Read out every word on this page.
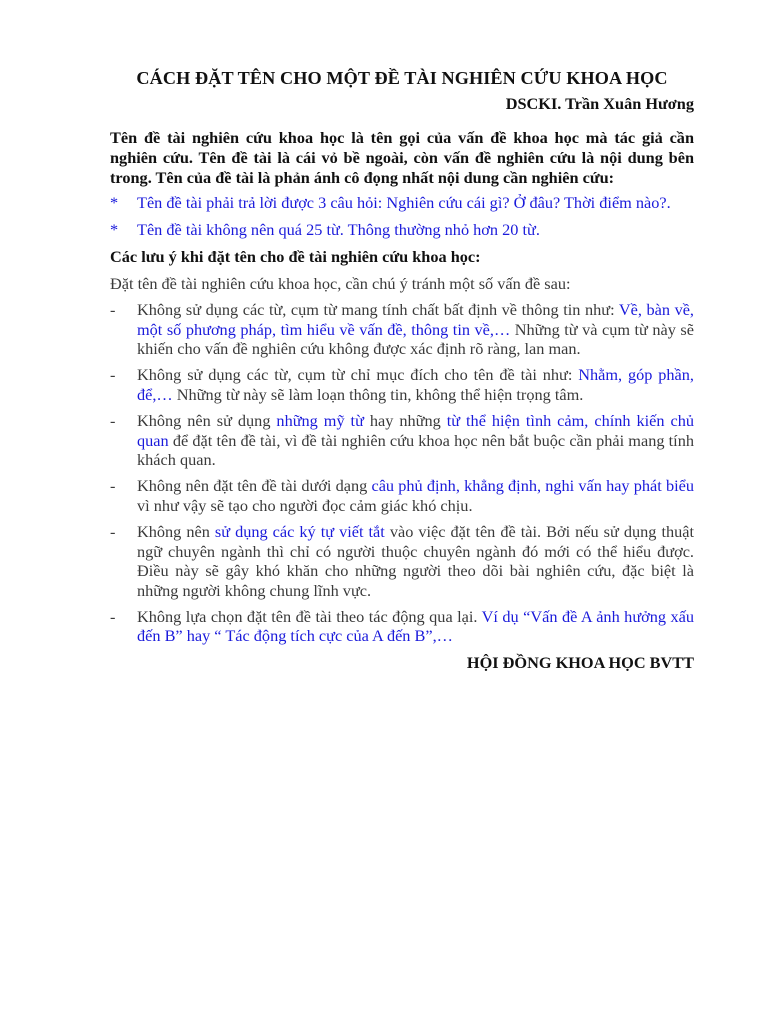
CÁCH ĐẶT TÊN CHO MỘT ĐỀ TÀI NGHIÊN CỨU KHOA HỌC

DSCKI. Trần Xuân Hương

Tên đề tài nghiên cứu khoa học là tên gọi của vấn đề khoa học mà tác giả cần nghiên cứu. Tên đề tài là cái vỏ bề ngoài, còn vấn đề nghiên cứu là nội dung bên trong. Tên của đề tài là phản ánh cô đọng nhất nội dung cần nghiên cứu:

*	Tên đề tài phải trả lời được 3 câu hỏi: Nghiên cứu cái gì? Ở đâu? Thời điểm nào?.
*	Tên đề tài không nên quá 25 từ. Thông thường nhỏ hơn 20 từ.

Các lưu ý khi đặt tên cho đề tài nghiên cứu khoa học:

Đặt tên đề tài nghiên cứu khoa học, cần chú ý tránh một số vấn đề sau:

-	Không sử dụng các từ, cụm từ mang tính chất bất định về thông tin như: Về, bàn về, một số phương pháp, tìm hiểu về vấn đề, thông tin về,… Những từ và cụm từ này sẽ khiến cho vấn đề nghiên cứu không được xác định rõ ràng, lan man.
-	Không sử dụng các từ, cụm từ chỉ mục đích cho tên đề tài như: Nhằm, góp phần, để,… Những từ này sẽ làm loạn thông tin, không thể hiện trọng tâm.
-	Không nên sử dụng những mỹ từ hay những từ thể hiện tình cảm, chính kiến chủ quan để đặt tên đề tài, vì đề tài nghiên cứu khoa học nên bắt buộc cần phải mang tính khách quan.
-	Không nên đặt tên đề tài dưới dạng câu phủ định, khẳng định, nghi vấn hay phát biểu vì như vậy sẽ tạo cho người đọc cảm giác khó chịu.
-	Không nên sử dụng các ký tự viết tắt vào việc đặt tên đề tài. Bởi nếu sử dụng thuật ngữ chuyên ngành thì chỉ có người thuộc chuyên ngành đó mới có thể hiểu được. Điều này sẽ gây khó khăn cho những người theo dõi bài nghiên cứu, đặc biệt là những người không chung lĩnh vực.
-	Không lựa chọn đặt tên đề tài theo tác động qua lại. Ví dụ “Vấn đề A ảnh hưởng xấu đến B” hay “ Tác động tích cực của A đến B”,…

HỘI ĐỒNG KHOA HỌC BVTT
